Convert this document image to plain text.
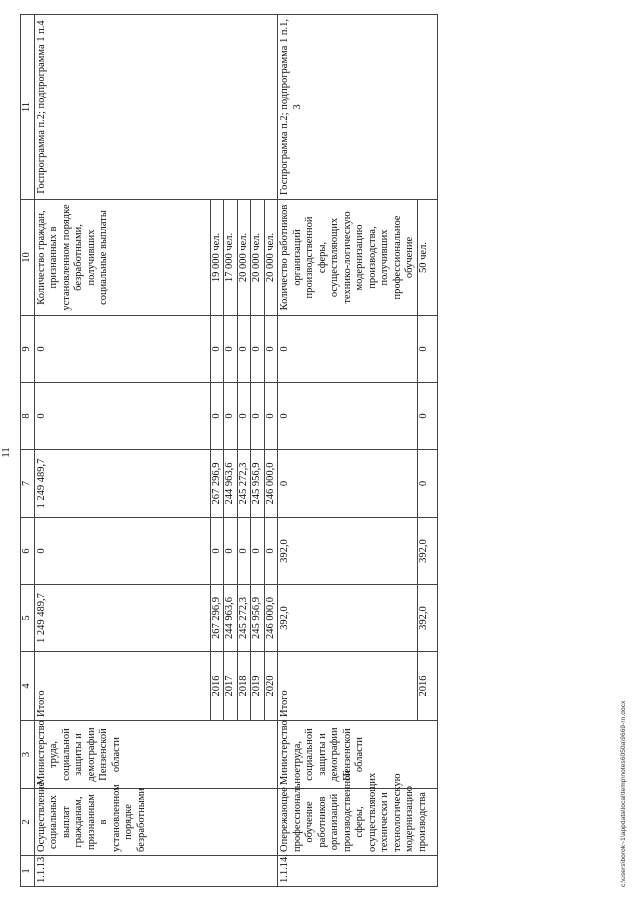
11
1	2	3	4	5	6	7	8	9	10	11
1.1.13.	Осуществление социальных выплат гражданам, признанным в установленном порядке безработными	Министерство труда, социальной защиты и демографии Пензенской области	Итого	1 249 489,7	0	1 249 489,7	0	0	Количество граждан, признанных в установленном порядке безработными, получивших социальные выплаты	Госпрограмма п.2; подпрограмма 1 п.4
			2016	267 296,9	0	267 296,9	0	0	19 000 чел.	
			2017	244 963,6	0	244 963,6	0	0	17 000 чел.	
			2018	245 272,3	0	245 272,3	0	0	20 000 чел.	
			2019	245 956,9	0	245 956,9	0	0	20 000 чел.	
			2020	246 000,0	0	246 000,0	0	0	20 000 чел.	
1.1.14.	Опережающее профессиональное обучение работников организаций производственной сферы, осуществляющих технически и технологическую модернизацию производства	Министерство труда, социальной защиты и демографии Пензенской области	Итого	392,0	392,0	0	0	0	Количество работников организаций производственной сферы, осуществляющих технико-логическую модернизацию производства, получивших профессиональное обучение	Госпрограмма п.2; подпрограмма 1 п.1, 3
			2016	392,0	392,0	0	0	0	50 чел.	
c:\users\borok~1\appdata\local\temp\notes6050a\9669-rn.docx
